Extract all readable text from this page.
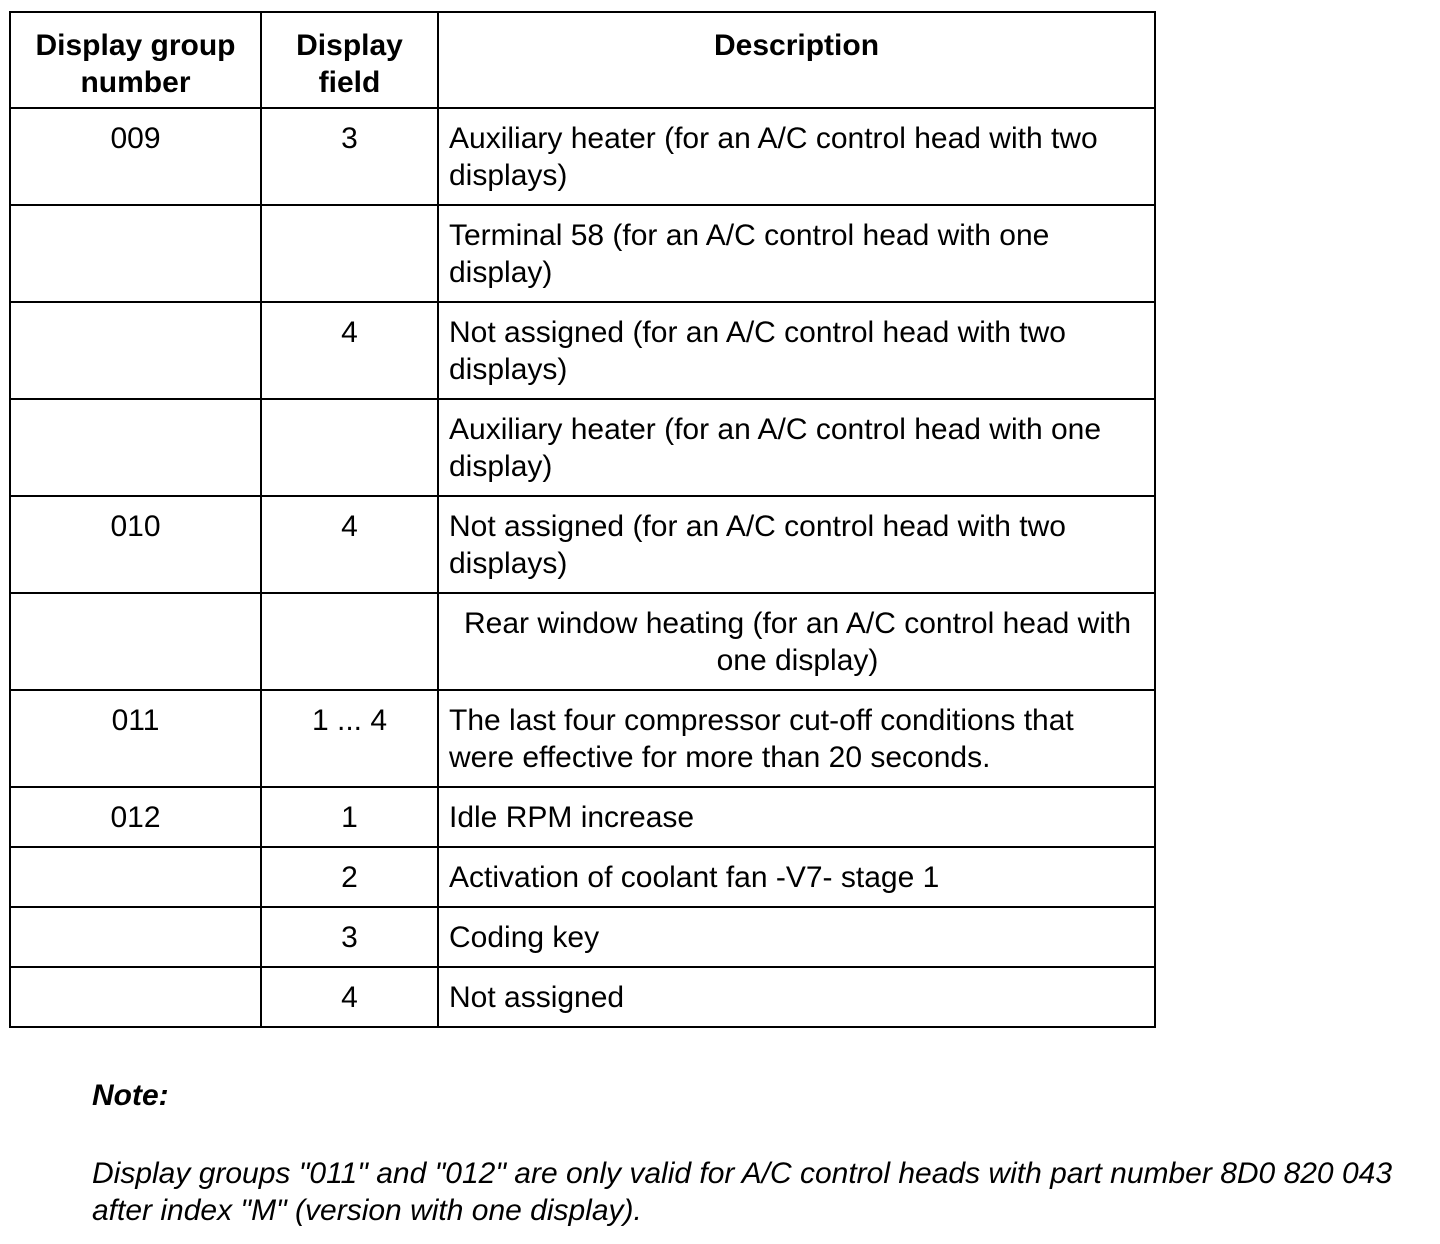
Display group number	Display field	Description
009	3	Auxiliary heater (for an A/C control head with two displays)
		Terminal 58 (for an A/C control head with one display)
	4	Not assigned (for an A/C control head with two displays)
		Auxiliary heater (for an A/C control head with one display)
010	4	Not assigned (for an A/C control head with two displays)
		Rear window heating (for an A/C control head with one display)
011	1 ... 4	The last four compressor cut-off conditions that were effective for more than 20 seconds.
012	1	Idle RPM increase
	2	Activation of coolant fan -V7- stage 1
	3	Coding key
	4	Not assigned
Note:
Display groups "011" and "012" are only valid for A/C control heads with part number 8D0 820 043 after index "M" (version with one display).
